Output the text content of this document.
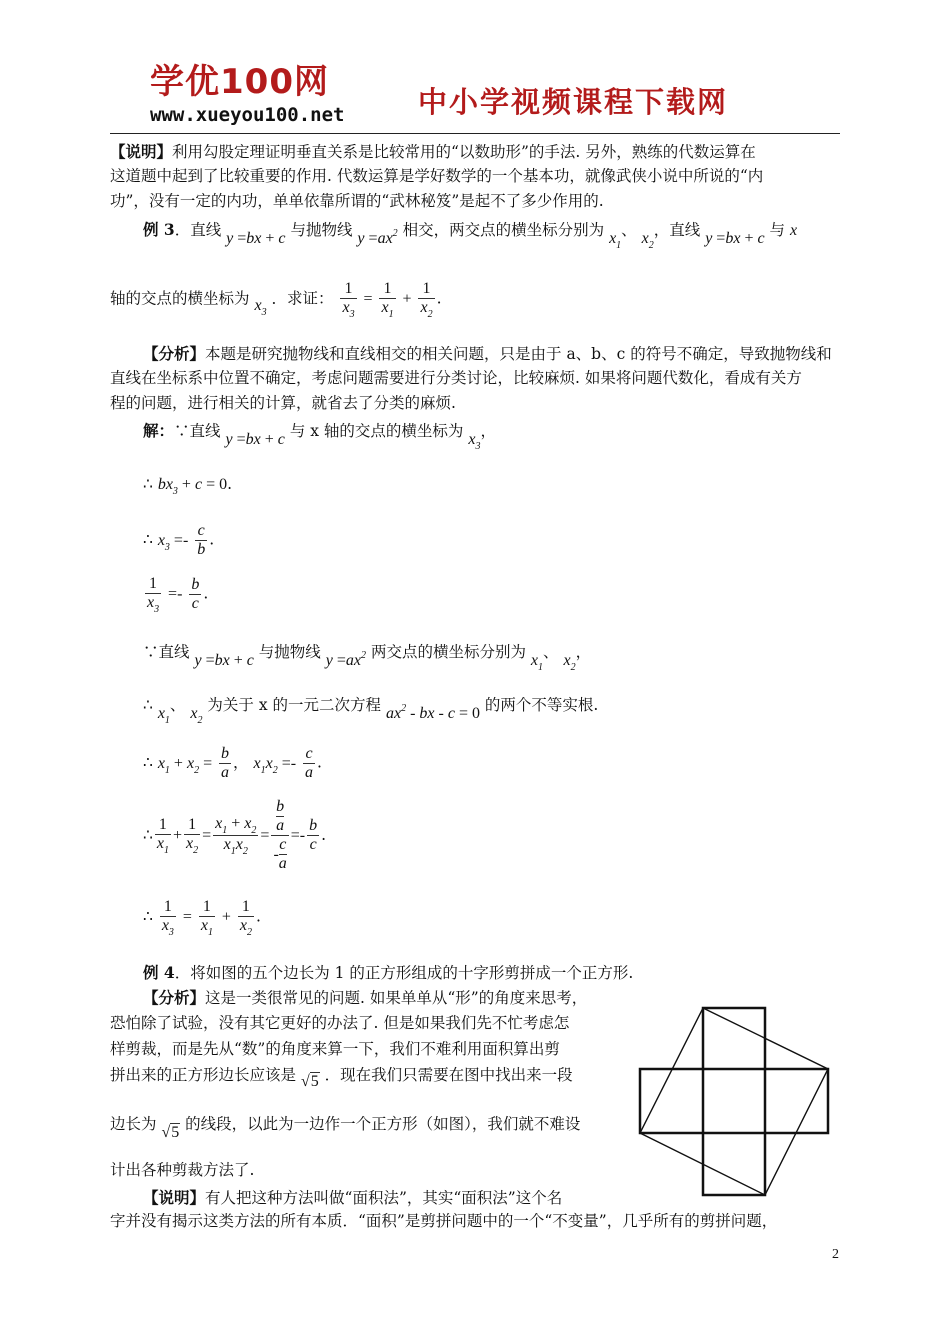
学优100网
www.xueyou100.net	中小学视频课程下载网
【说明】利用勾股定理证明垂直关系是比较常用的“以数助形”的手法. 另外，熟练的代数运算在
这道题中起到了比较重要的作用. 代数运算是学好数学的一个基本功，就像武侠小说中所说的“内
功”，没有一定的内功，单单依靠所谓的“武林秘笈”是起不了多少作用的.
例 3．直线 y =bx + c 与抛物线 $y =ax^2$ 相交，两交点的横坐标分别为 $x_1$、 $x_2$，直线 y =bx + c 与 x
轴的交点的横坐标为 $x_3$ ．求证： $\frac{1}{x_3} = \frac{1}{x_1} + \frac{1}{x_2}$ .
【分析】本题是研究抛物线和直线相交的相关问题，只是由于 a、b、c 的符号不确定，导致抛物线和
直线在坐标系中位置不确定，考虑问题需要进行分类讨论，比较麻烦. 如果将问题代数化，看成有关方
程的问题，进行相关的计算，就省去了分类的麻烦.
解：∵直线 y =bx + c 与 x 轴的交点的横坐标为 $x_3$，
∴ $bx_3 + c = 0$.
∴ $x_3 =- \frac{c}{b}$ .
$\frac{1}{x_3} =- \frac{b}{c}$ .
∵直线 y =bx + c 与抛物线 $y =ax^2$ 两交点的横坐标分别为 $x_1$、 $x_2$，
∴ $x_1$、 $x_2$ 为关于 x 的一元二次方程 $ax^2$ - bx - c = 0 的两个不等实根.
∴ $x_1 + x_2 = \frac{b}{a}$ ， $x_1x_2 =- \frac{c}{a}$ .
∴ $\frac{1}{x_1} + \frac{1}{x_2} = \frac{x_1 + x_2}{x_1x_2} = b$
a
-
c
$a =- \frac{b}{c}$ .
∴ $\frac{1}{x_3} = \frac{1}{x_1} + \frac{1}{x_2}$ .
例 4．将如图的五个边长为 1 的正方形组成的十字形剪拼成一个正方形.
【分析】这是一类很常见的问题. 如果单单从“形”的角度来思考，
恐怕除了试验，没有其它更好的办法了. 但是如果我们先不忙考虑怎
样剪裁，而是先从“数”的角度来算一下，我们不难利用面积算出剪
拼出来的正方形边长应该是 √5 ．现在我们只需要在图中找出来一段
边长为 √5 的线段，以此为一边作一个正方形（如图），我们就不难设
计出各种剪裁方法了.
【说明】有人把这种方法叫做“面积法”，其实“面积法”这个名
字并没有揭示这类方法的所有本质．“面积”是剪拼问题中的一个“不变量”，几乎所有的剪拼问题，
2
